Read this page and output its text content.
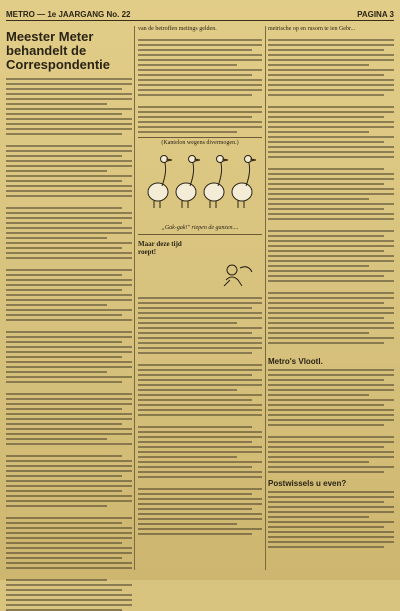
METRO — 1e JAARGANG No. 22	PAGINA 3
Meester Meter
behandelt de
Correspondentie
van de betroffen metings gelden.
(Kantelon wegens divermogen.)
„Gak-gak!" riepen de ganzen....
Maar deze tijd
roept!
metrische op en rusorn te ien Gebr...
Metro's Vlootl.
Postwissels u even?
